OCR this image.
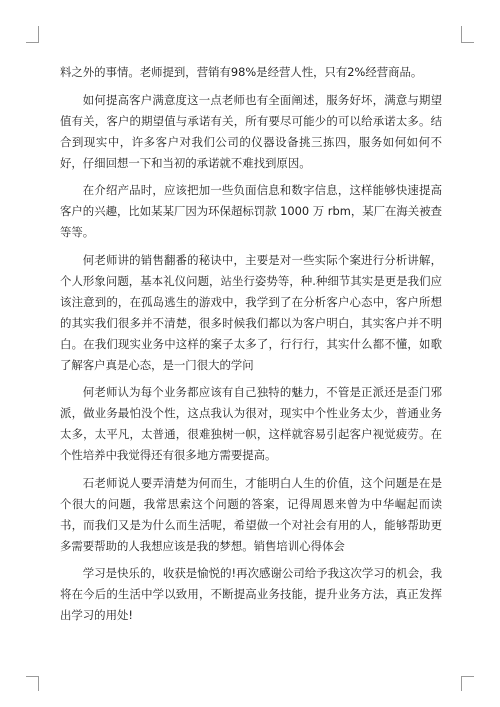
料之外的事情。老师提到，营销有98%是经营人性，只有2%经营商品。

如何提高客户满意度这一点老师也有全面阐述，服务好坏，满意与期望值有关，客户的期望值与承诺有关，所有要尽可能少的可以给承诺太多。结合到现实中，许多客户对我们公司的仪器设备挑三拣四，服务如何如何不好，仔细回想一下和当初的承诺就不难找到原因。

在介绍产品时，应该把加一些负面信息和数字信息，这样能够快速提高客户的兴趣，比如某某厂因为环保超标罚款 1000 万 rbm，某厂在海关被查等等。

何老师讲的销售翻番的秘诀中，主要是对一些实际个案进行分析讲解，个人形象问题，基本礼仪问题，站坐行姿势等，种.种细节其实是更是我们应该注意到的，在孤岛逃生的游戏中，我学到了在分析客户心态中，客户所想的其实我们很多并不清楚，很多时候我们都以为客户明白，其实客户并不明白。在我们现实业务中这样的案子太多了，行行行，其实什么都不懂，如歌了解客户真是心态，是一门很大的学问

何老师认为每个业务都应该有自己独特的魅力，不管是正派还是歪门邪派，做业务最怕没个性，这点我认为很对，现实中个性业务太少，普通业务太多，太平凡，太普通，很难独树一帜，这样就容易引起客户视觉疲劳。在个性培养中我觉得还有很多地方需要提高。

石老师说人要弄清楚为何而生，才能明白人生的价值，这个问题是在是个很大的问题，我常思索这个问题的答案，记得周恩来曾为中华崛起而读书，而我们又是为什么而生活呢，希望做一个对社会有用的人，能够帮助更多需要帮助的人我想应该是我的梦想。销售培训心得体会

学习是快乐的，收获是愉悦的!再次感谢公司给予我这次学习的机会，我将在今后的生活中学以致用，不断提高业务技能，提升业务方法，真正发挥出学习的用处!
